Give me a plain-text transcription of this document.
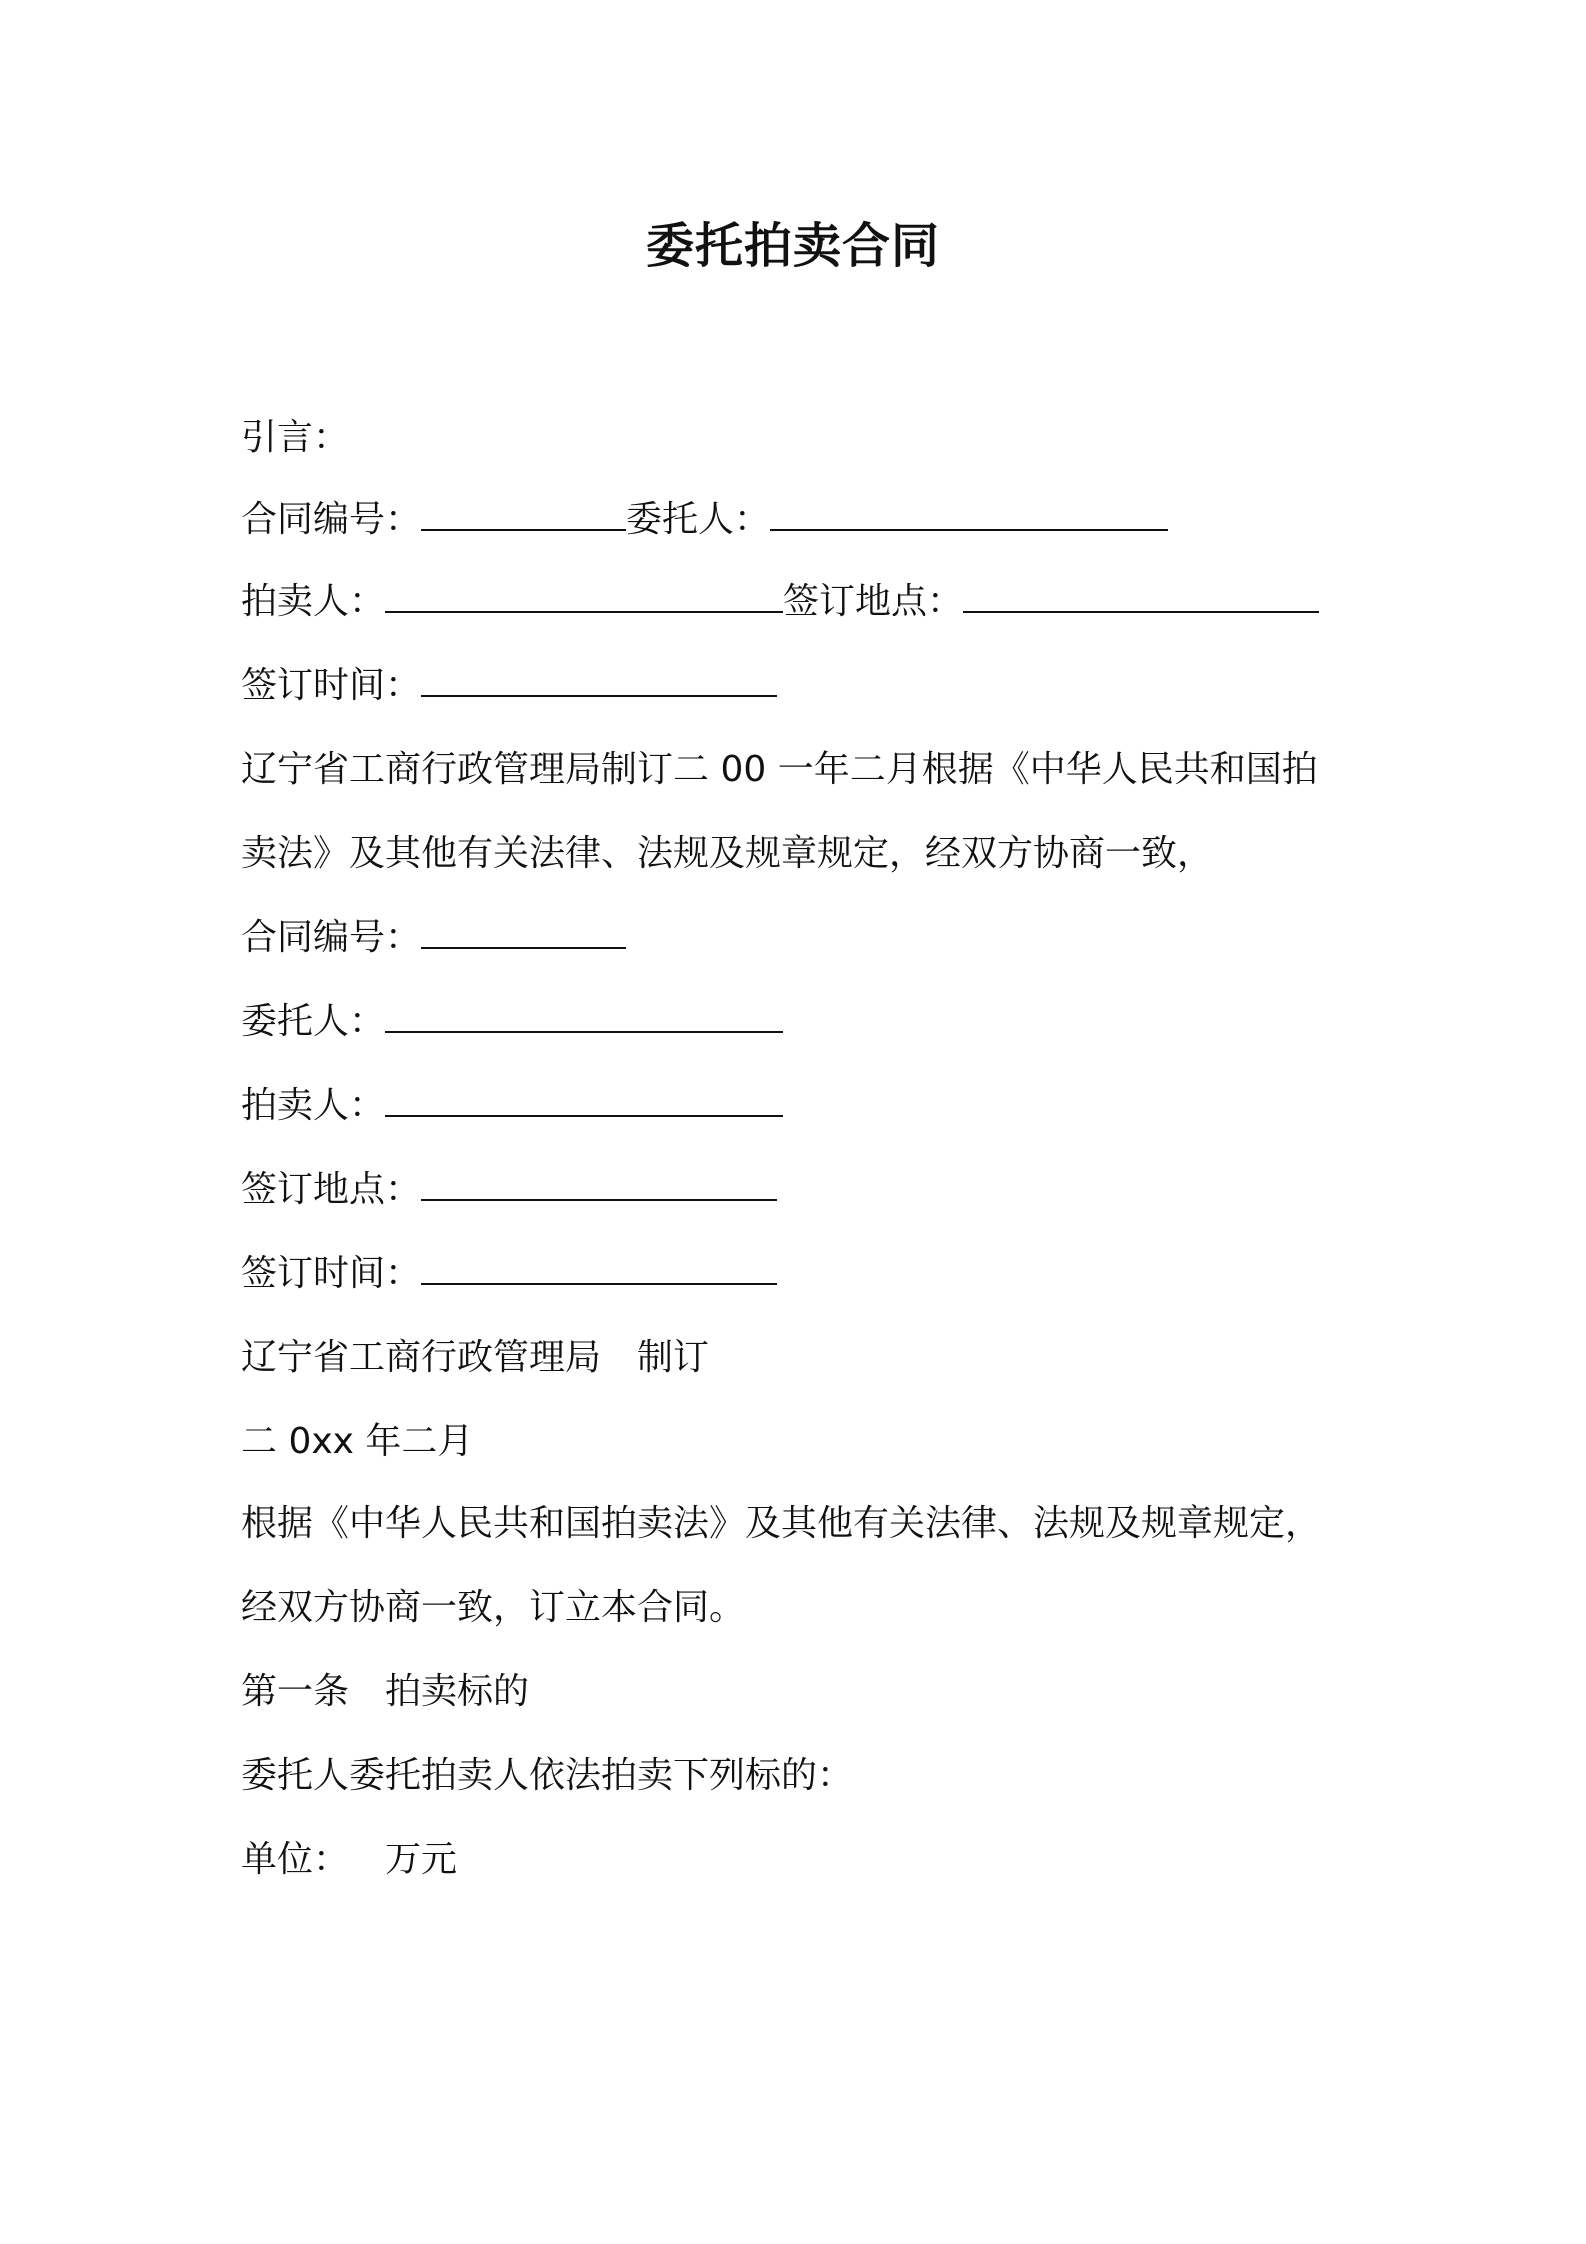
委托拍卖合同
引言：
合同编号：	委托人：
拍卖人：	签订地点：
签订时间：
辽宁省工商行政管理局制订二 00 一年二月根据《中华人民共和国拍
卖法》及其他有关法律、法规及规章规定，经双方协商一致，
合同编号：
委托人：
拍卖人：
签订地点：
签订时间：
辽宁省工商行政管理局 制订
二 0xx 年二月
根据《中华人民共和国拍卖法》及其他有关法律、法规及规章规定，
经双方协商一致，订立本合同。
第一条 拍卖标的
委托人委托拍卖人依法拍卖下列标的：
单位： 万元
